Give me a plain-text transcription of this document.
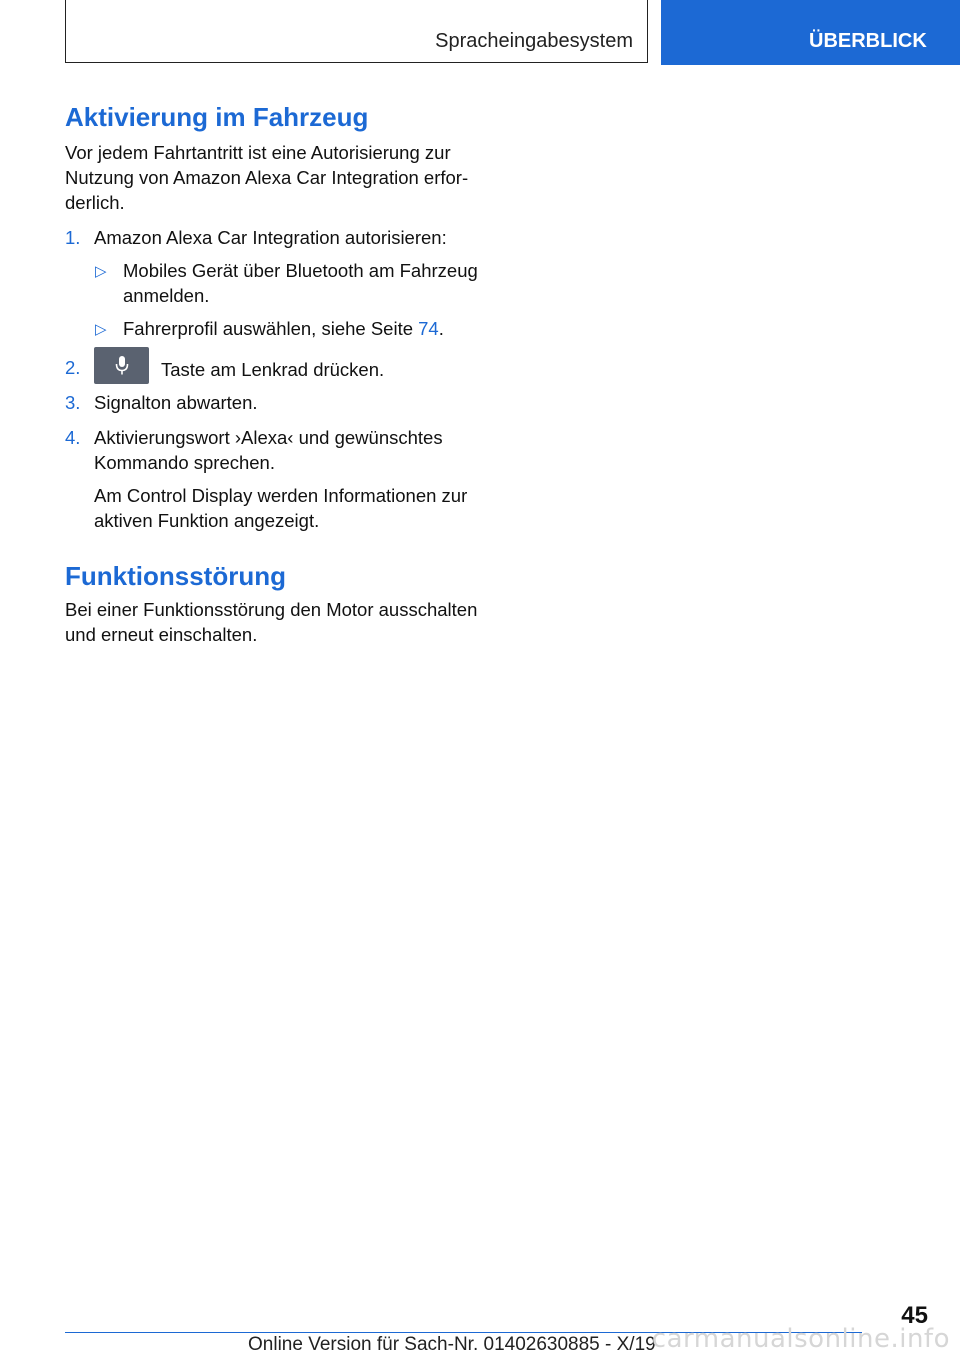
Spracheingabesystem	ÜBERBLICK
Aktivierung im Fahrzeug

Vor jedem Fahrtantritt ist eine Autorisierung zur Nutzung von Amazon Alexa Car Integration erforderlich.

1. Amazon Alexa Car Integration autorisieren:

▷ Mobiles Gerät über Bluetooth am Fahrzeug anmelden.

▷ Fahrerprofil auswählen, siehe Seite 74.

2.	Taste am Lenkrad drücken.

3. Signalton abwarten.

4. Aktivierungswort ›Alexa‹ und gewünschtes Kommando sprechen.

Am Control Display werden Informationen zur aktiven Funktion angezeigt.

Funktionsstörung

Bei einer Funktionsstörung den Motor ausschalten und erneut einschalten.

45
Online Version für Sach-Nr. 01402630885 - X/19
carmanualsonline.info
